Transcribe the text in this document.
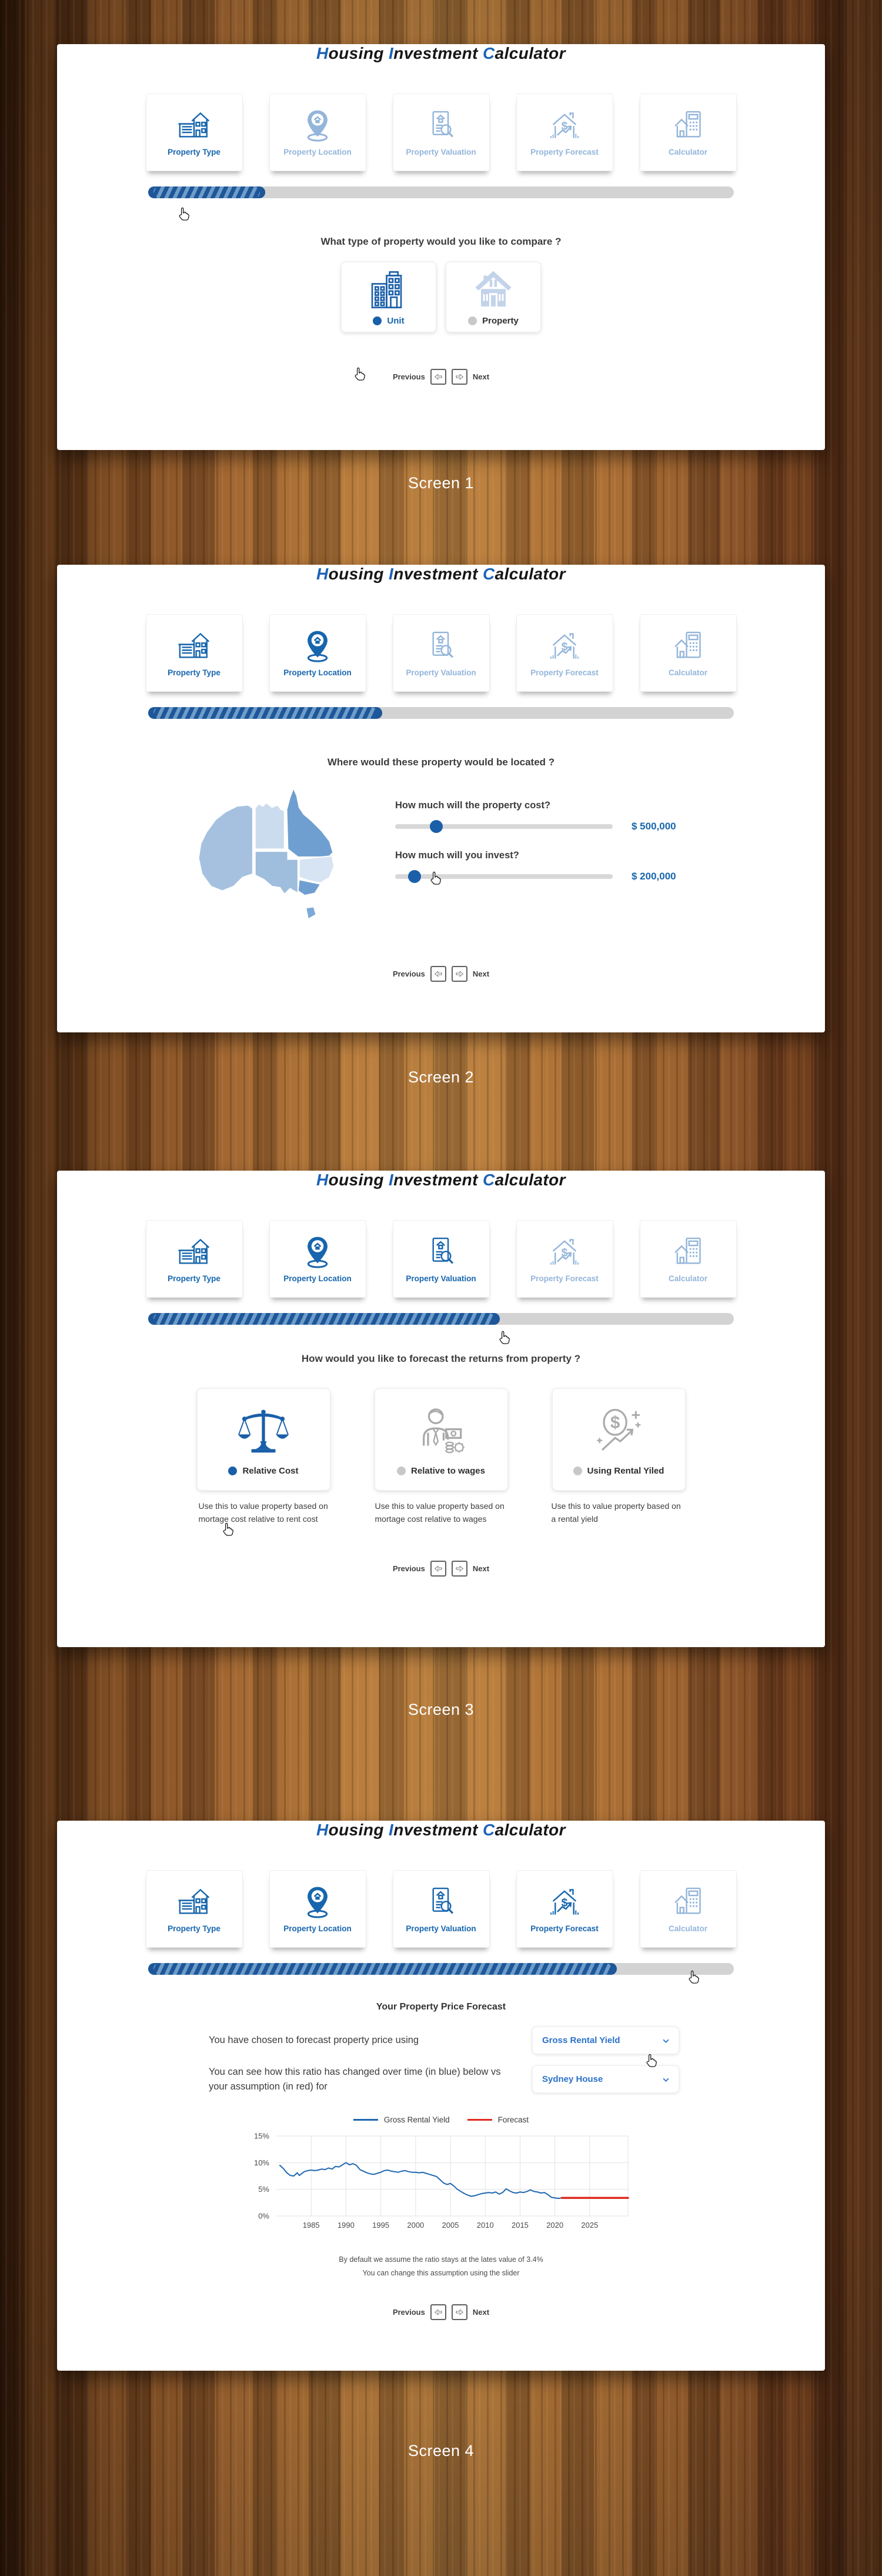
Housing Investment Calculator
Property Type	Property Location	Property Valuation
$
Property Forecast	Calculator

What type of property would you like to compare ?

Unit	Property
Previous	Next
Screen 1
Housing Investment Calculator
Property Type	Property Location	Property Valuation
$
Property Forecast	Calculator

Where would these property would be located ?

How much will the property cost?

$ 500,000

How much will you invest?

$ 200,000
Previous	Next
Screen 2
Housing Investment Calculator
Property Type	Property Location	Property Valuation
$
Property Forecast	Calculator

How would you like to forecast the returns from property ?

Relative Cost	Relative to wages
$
Using Rental Yiled
Use this to value property based on mortage cost relative to rent cost
Use this to value property based on mortage cost relative to wages
Use this to value property based on a rental yield
Previous	Next
Screen 3
Housing Investment Calculator
Property Type	Property Location	Property Valuation
$
Property Forecast	Calculator

Your Property Price Forecast

You have chosen to forecast property price using	Gross Rental Yield

You can see how this ratio has changed over time (in blue) below vs your assumption (in red) for

Sydney House
Gross Rental Yield	Forecast
0%
5%
10%
15%
1985 1990 1995 2000 2005 2010 2015 2020 2025

By default we assume the ratio stays at the lates value of 3.4%
You can change this assumption using the slider

Previous	Next
Screen 4
